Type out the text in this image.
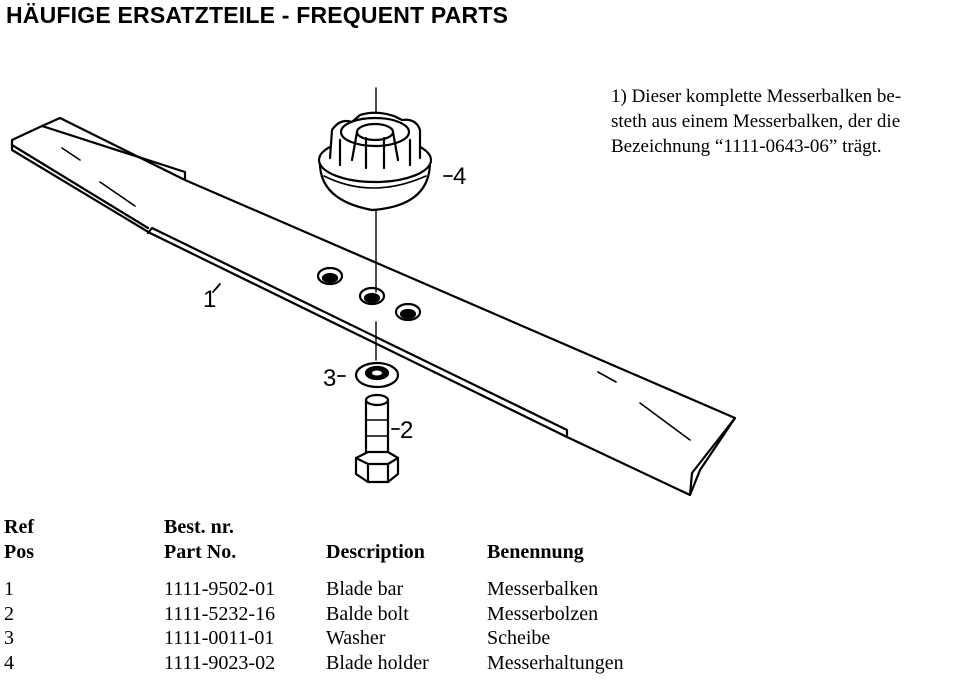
HÄUFIGE ERSATZTEILE - FREQUENT PARTS
1) Dieser komplette Messerbalken be-
steth aus einem Messerbalken, der die
Bezeichnung “1111-0643-06” trägt.
4
1
3
2
Ref	Best. nr.		
Pos	Part No.	Description	Benennung

1	1111-9502-01	Blade bar	Messerbalken
2	1111-5232-16	Balde bolt	Messerbolzen
3	1111-0011-01	Washer	Scheibe
4	1111-9023-02	Blade holder	Messerhaltungen
